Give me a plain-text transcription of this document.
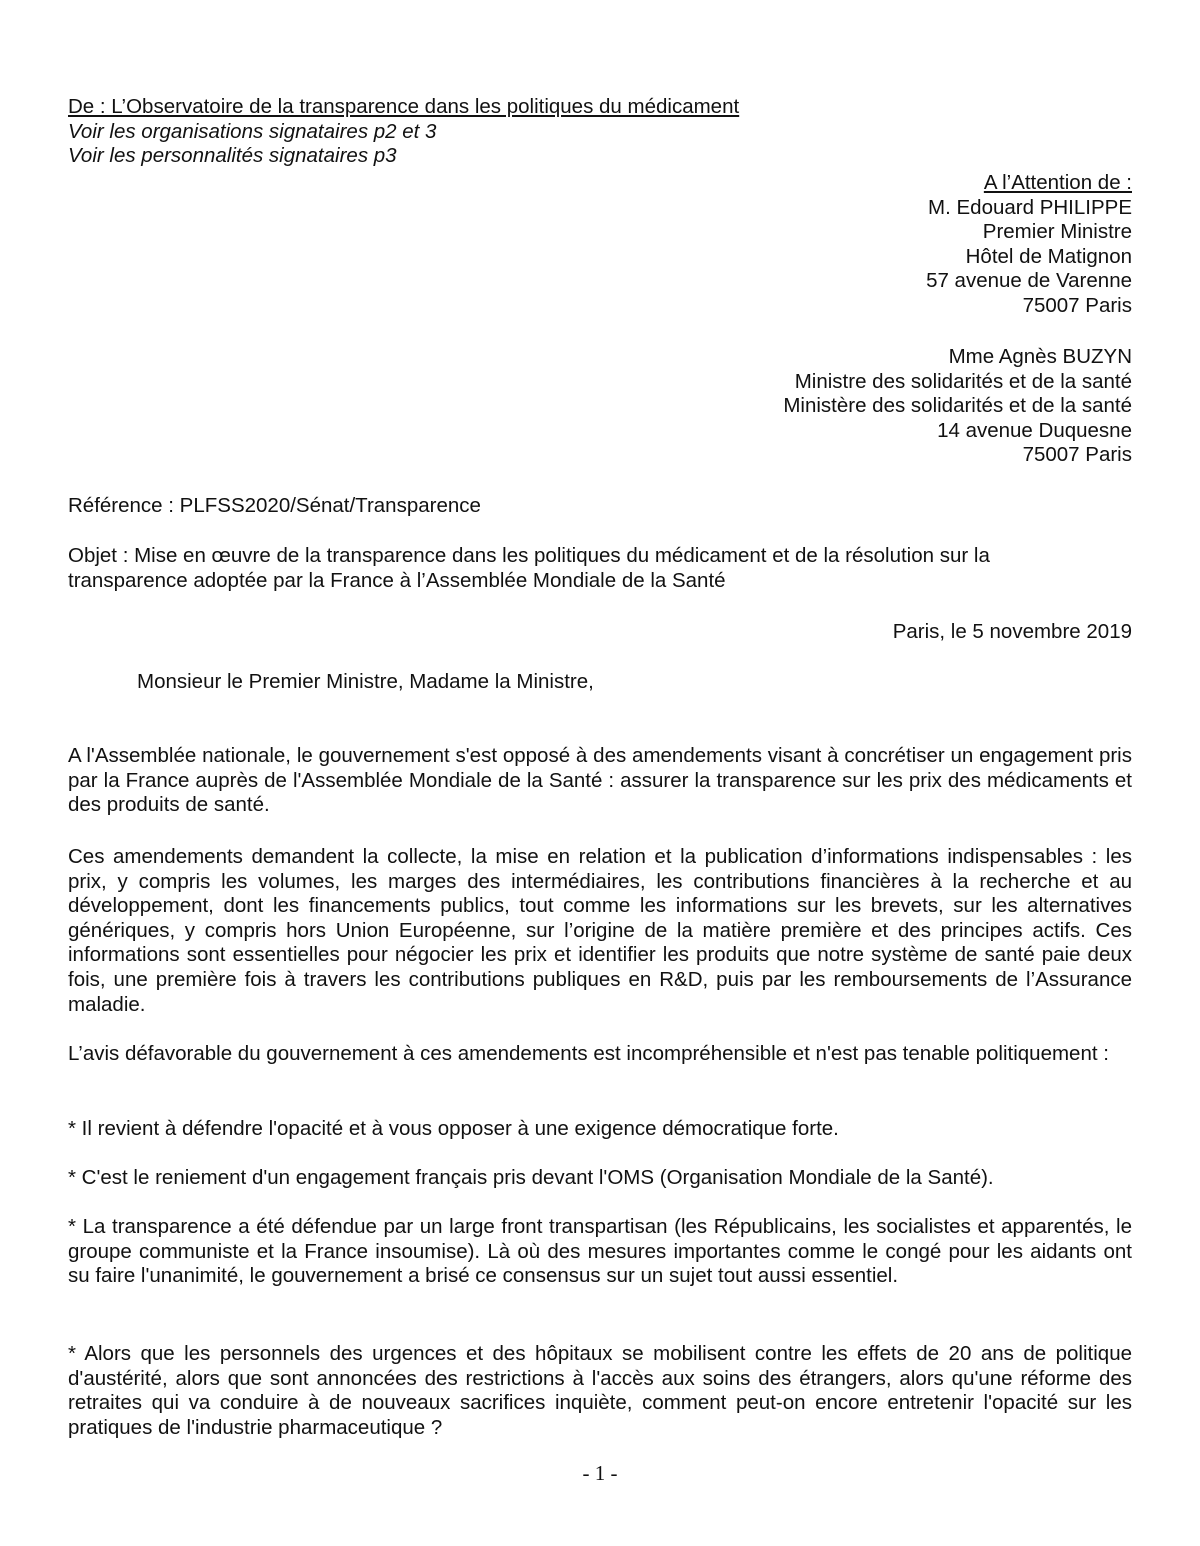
De : L’Observatoire de la transparence dans les politiques du médicament
Voir les organisations signataires p2 et 3
Voir les personnalités signataires p3
A l’Attention de :
M. Edouard PHILIPPE
Premier Ministre
Hôtel de Matignon
57 avenue de Varenne
75007 Paris
Mme Agnès BUZYN
Ministre des solidarités et de la santé
Ministère des solidarités et de la santé
14 avenue Duquesne
75007 Paris
Référence : PLFSS2020/Sénat/Transparence
Objet : Mise en œuvre de la transparence dans les politiques du médicament et de la résolution sur la
transparence adoptée par la France à l’Assemblée Mondiale de la Santé
Paris, le 5 novembre 2019
Monsieur le Premier Ministre, Madame la Ministre,
A l'Assemblée nationale, le gouvernement s'est opposé à des amendements visant à concrétiser un engagement pris par la France auprès de l'Assemblée Mondiale de la Santé : assurer la transparence sur les prix des médicaments et des produits de santé.
Ces amendements demandent la collecte, la mise en relation et la publication d’informations indispensables : les prix, y compris les volumes, les marges des intermédiaires, les contributions financières à la recherche et au développement, dont les financements publics, tout comme les informations sur les brevets, sur les alternatives génériques, y compris hors Union Européenne, sur l’origine de la matière première et des principes actifs. Ces informations sont essentielles pour négocier les prix et identifier les produits que notre système de santé paie deux fois, une première fois à travers les contributions publiques en R&D, puis par les remboursements de l’Assurance maladie.
L’avis défavorable du gouvernement à ces amendements est incompréhensible et n'est pas tenable politiquement :
* Il revient à défendre l'opacité et à vous opposer à une exigence démocratique forte.
* C'est le reniement d'un engagement français pris devant l'OMS (Organisation Mondiale de la Santé).
* La transparence a été défendue par un large front transpartisan (les Républicains, les socialistes et apparentés, le groupe communiste et la France insoumise). Là où des mesures importantes comme le congé pour les aidants ont su faire l'unanimité, le gouvernement a brisé ce consensus sur un sujet tout aussi essentiel.
* Alors que les personnels des urgences et des hôpitaux se mobilisent contre les effets de 20 ans de politique d'austérité, alors que sont annoncées des restrictions à l'accès aux soins des étrangers, alors qu'une réforme des retraites qui va conduire à de nouveaux sacrifices inquiète, comment peut-on encore entretenir l'opacité sur les pratiques de l'industrie pharmaceutique ?
- 1 -
